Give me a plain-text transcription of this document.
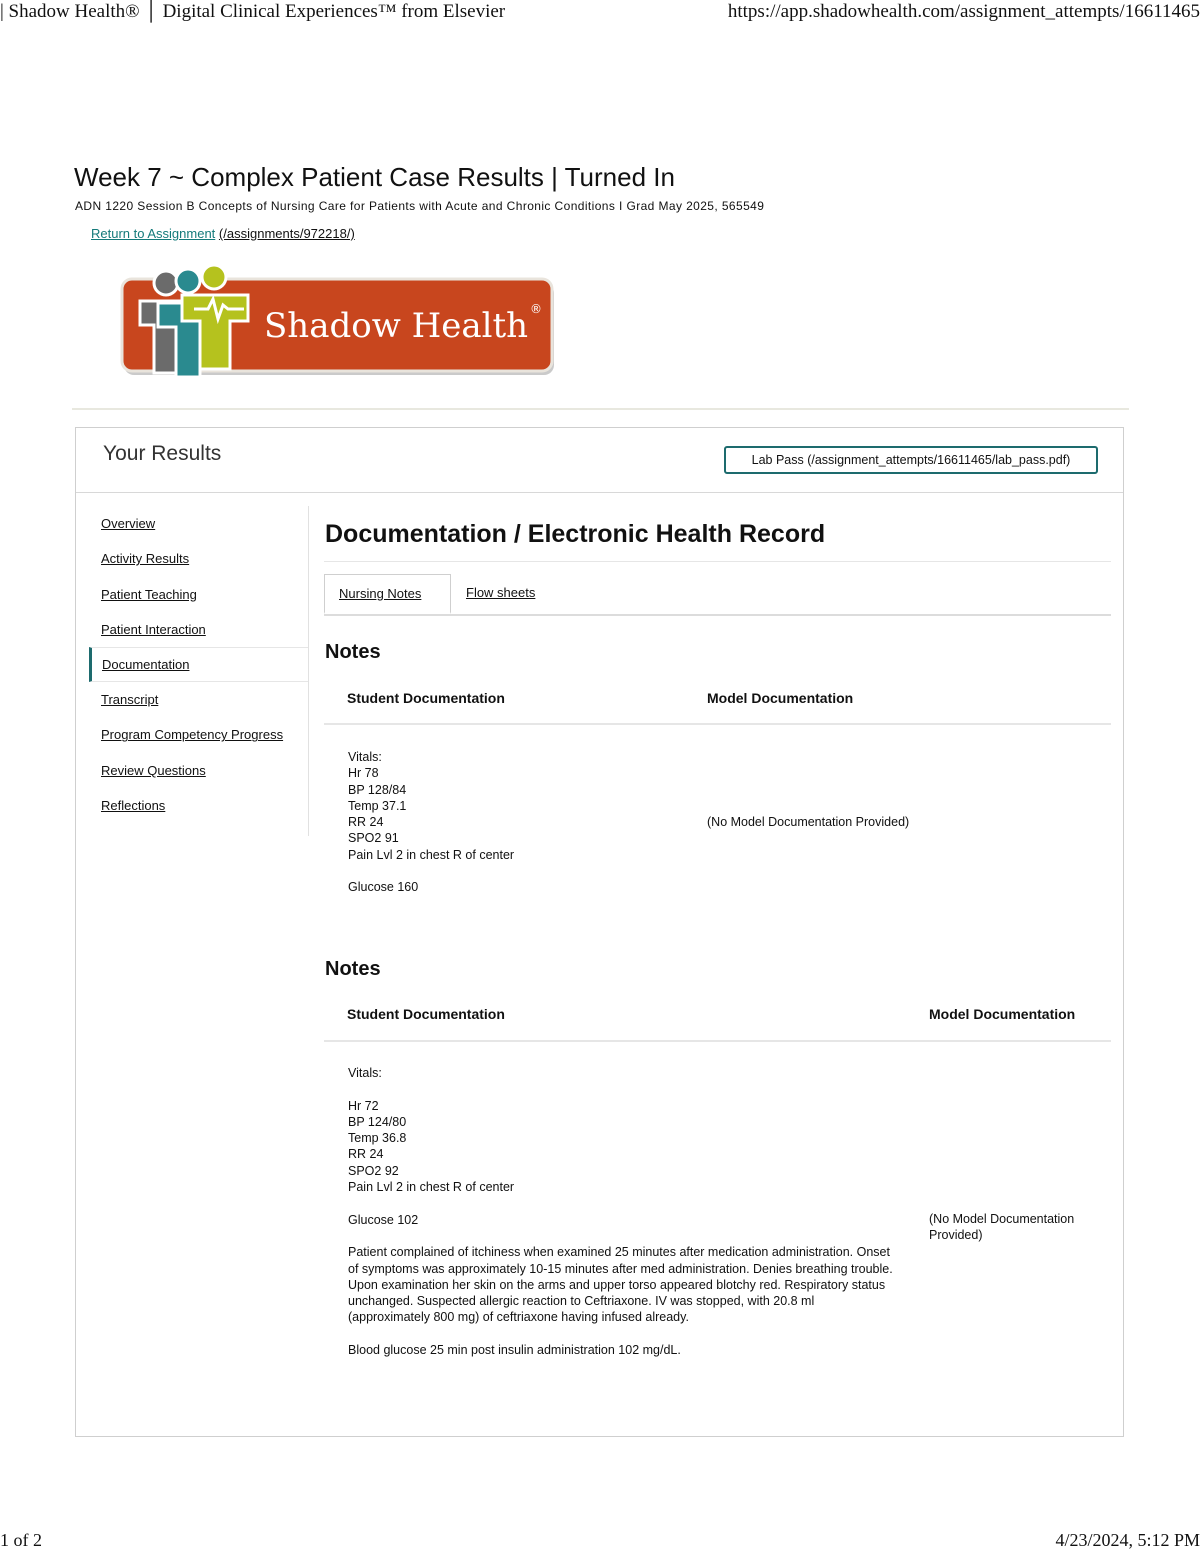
| Shadow Health® │ Digital Clinical Experiences™ from Elsevier	https://app.shadowhealth.com/assignment_attempts/16611465
Week 7 ~ Complex Patient Case Results | Turned In
ADN 1220 Session B Concepts of Nursing Care for Patients with Acute and Chronic Conditions I Grad May 2025, 565549
Return to Assignment (/assignments/972218/)
Shadow Health ®
Your Results	Lab Pass (/assignment_attempts/16611465/lab_pass.pdf)
Overview
Activity Results
Patient Teaching
Patient Interaction
Documentation
Transcript
Program Competency Progress
Review Questions
Reflections
Documentation / Electronic Health Record
Nursing Notes	Flow sheets
Notes
Student Documentation	Model Documentation
Vitals:
Hr 78
BP 128/84
Temp 37.1
RR 24
SPO2 91
Pain Lvl 2 in chest R of center

Glucose 160
(No Model Documentation Provided)
Notes
Student Documentation	Model Documentation
Vitals:

Hr 72
BP 124/80
Temp 36.8
RR 24
SPO2 92
Pain Lvl 2 in chest R of center

Glucose 102

Patient complained of itchiness when examined 25 minutes after medication administration. Onset of symptoms was approximately 10-15 minutes after med administration. Denies breathing trouble. Upon examination her skin on the arms and upper torso appeared blotchy red. Respiratory status unchanged. Suspected allergic reaction to Ceftriaxone. IV was stopped, with 20.8 ml (approximately 800 mg) of ceftriaxone having infused already.

Blood glucose 25 min post insulin administration 102 mg/dL.
(No Model Documentation Provided)
1 of 2	4/23/2024, 5:12 PM
